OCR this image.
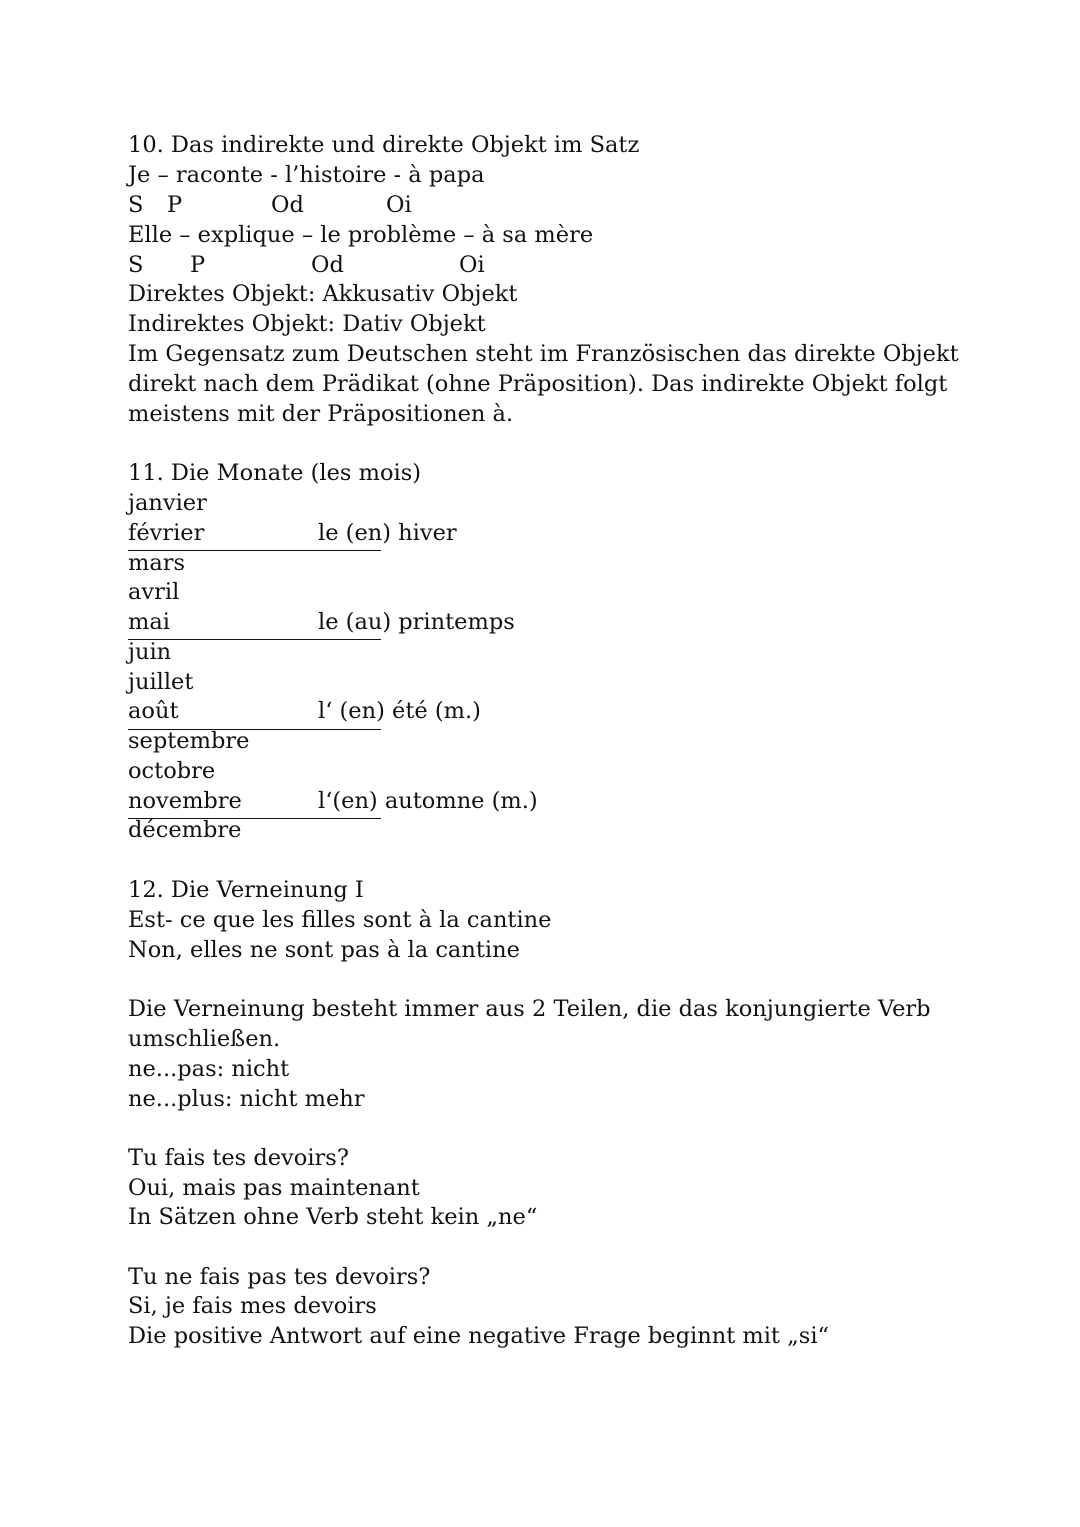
10. Das indirekte und direkte Objekt im Satz
Je – raconte - l’histoire - à papa
S P	Od	Oi
Elle – explique – le problème – à sa mère
S P	Od	Oi
Direktes Objekt: Akkusativ Objekt
Indirektes Objekt: Dativ Objekt
Im Gegensatz zum Deutschen steht im Französischen das direkte Objekt
direkt nach dem Prädikat (ohne Präposition). Das indirekte Objekt folgt
meistens mit der Präpositionen à.
11. Die Monate (les mois)
janvier
février	le (en) hiver
mars
avril
mai	le (au) printemps
juin
juillet
août	l‘ (en) été (m.)
septembre
octobre
novembre	l‘(en) automne (m.)
décembre
12. Die Verneinung I
Est- ce que les filles sont à la cantine
Non, elles ne sont pas à la cantine
Die Verneinung besteht immer aus 2 Teilen, die das konjungierte Verb
umschließen.
ne...pas: nicht
ne...plus: nicht mehr
Tu fais tes devoirs?
Oui, mais pas maintenant
In Sätzen ohne Verb steht kein „ne“
Tu ne fais pas tes devoirs?
Si, je fais mes devoirs
Die positive Antwort auf eine negative Frage beginnt mit „si“
